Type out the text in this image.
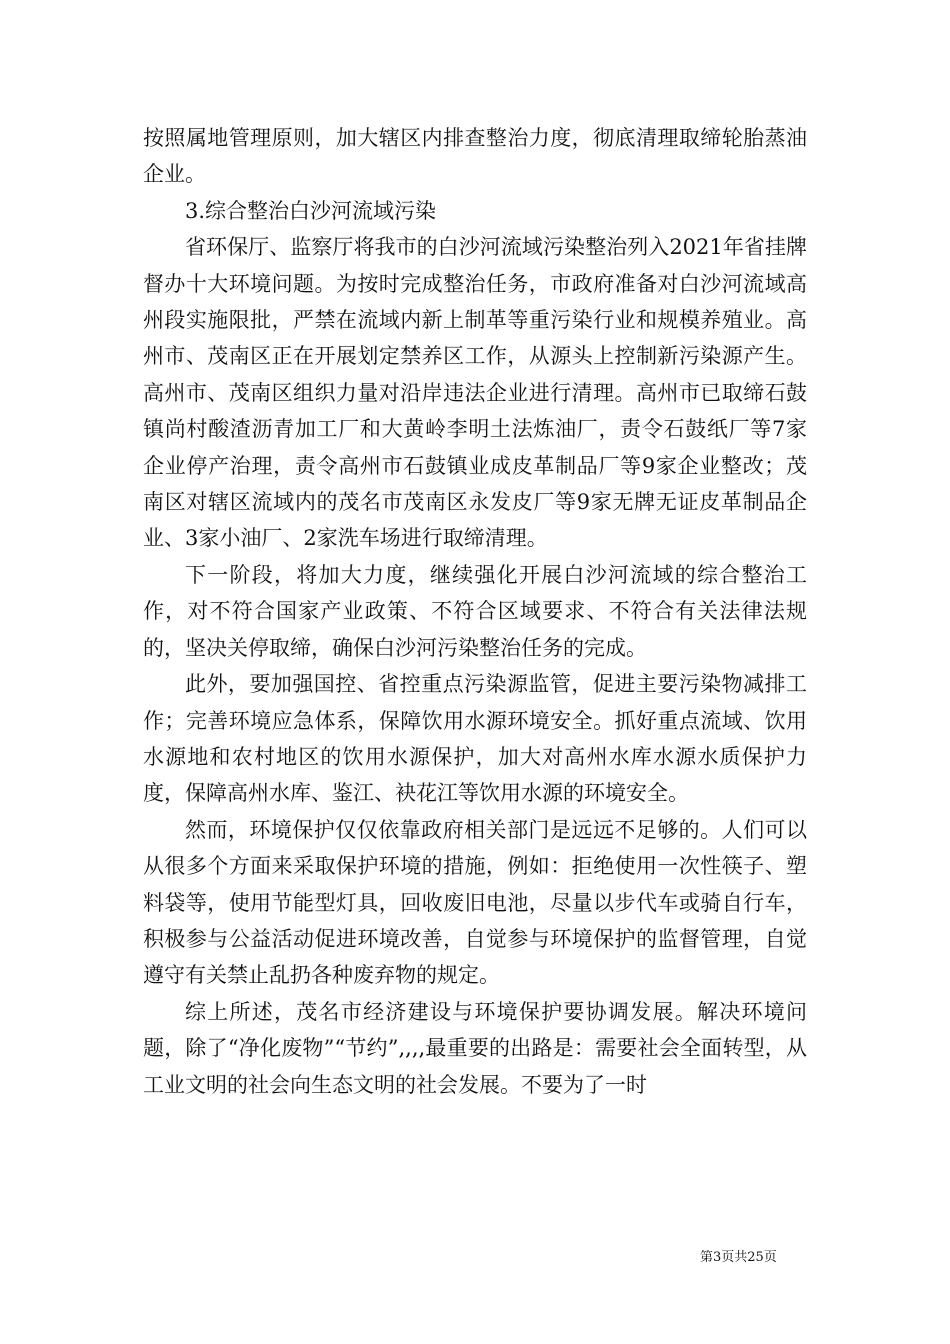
按照属地管理原则，加大辖区内排查整治力度，彻底清理取缔轮胎蒸油企业。

3.综合整治白沙河流域污染

省环保厅、监察厅将我市的白沙河流域污染整治列入2021年省挂牌督办十大环境问题。为按时完成整治任务，市政府准备对白沙河流域高州段实施限批，严禁在流域内新上制革等重污染行业和规模养殖业。高州市、茂南区正在开展划定禁养区工作，从源头上控制新污染源产生。高州市、茂南区组织力量对沿岸违法企业进行清理。高州市已取缔石鼓镇尚村酸渣沥青加工厂和大黄岭李明土法炼油厂，责令石鼓纸厂等7家企业停产治理，责令高州市石鼓镇业成皮革制品厂等9家企业整改；茂南区对辖区流域内的茂名市茂南区永发皮厂等9家无牌无证皮革制品企业、3家小油厂、2家洗车场进行取缔清理。

下一阶段，将加大力度，继续强化开展白沙河流域的综合整治工作，对不符合国家产业政策、不符合区域要求、不符合有关法律法规的，坚决关停取缔，确保白沙河污染整治任务的完成。

此外，要加强国控、省控重点污染源监管，促进主要污染物减排工作；完善环境应急体系，保障饮用水源环境安全。抓好重点流域、饮用水源地和农村地区的饮用水源保护，加大对高州水库水源水质保护力度，保障高州水库、鉴江、袂花江等饮用水源的环境安全。

然而，环境保护仅仅依靠政府相关部门是远远不足够的。人们可以从很多个方面来采取保护环境的措施，例如：拒绝使用一次性筷子、塑料袋等，使用节能型灯具，回收废旧电池，尽量以步代车或骑自行车，积极参与公益活动促进环境改善，自觉参与环境保护的监督管理，自觉遵守有关禁止乱扔各种废弃物的规定。

综上所述，茂名市经济建设与环境保护要协调发展。解决环境问题，除了“净化废物”“节约”,,,,最重要的出路是：需要社会全面转型，从工业文明的社会向生态文明的社会发展。不要为了一时

第3页共25页
